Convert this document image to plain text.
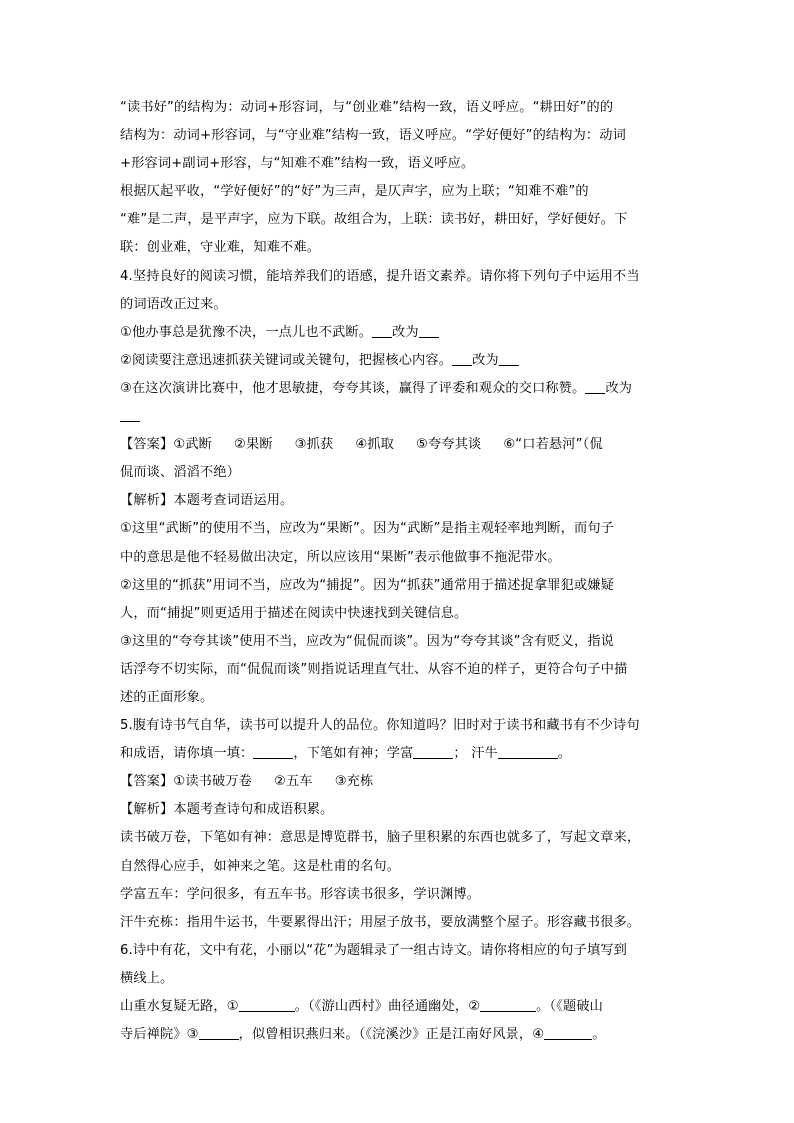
“读书好”的结构为：动词+形容词，与“创业难”结构一致，语义呼应。“耕田好”的的
结构为：动词+形容词，与“守业难”结构一致，语义呼应。“学好便好”的结构为：动词
+形容词+副词+形容，与“知难不难”结构一致，语义呼应。
根据仄起平收，“学好便好”的“好”为三声，是仄声字，应为上联；“知难不难”的
“难”是二声，是平声字，应为下联。故组合为，上联：读书好，耕田好，学好便好。下
联：创业难，守业难，知难不难。
4.坚持良好的阅读习惯，能培养我们的语感，提升语文素养。请你将下列句子中运用不当
的词语改正过来。
①他办事总是犹豫不决，一点儿也不武断。 改为
②阅读要注意迅速抓获关键词或关键句，把握核心内容。 改为
③在这次演讲比赛中，他才思敏捷，夸夸其谈，赢得了评委和观众的交口称赞。 改为
【答案】①武断 ②果断 ③抓获 ④抓取 ⑤夸夸其谈 ⑥“口若悬河”（侃
侃而谈、滔滔不绝）
【解析】本题考查词语运用。
①这里“武断”的使用不当，应改为“果断”。因为“武断”是指主观轻率地判断，而句子
中的意思是他不轻易做出决定，所以应该用“果断”表示他做事不拖泥带水。
②这里的“抓获”用词不当，应改为“捕捉”。因为“抓获”通常用于描述捉拿罪犯或嫌疑
人，而“捕捉”则更适用于描述在阅读中快速找到关键信息。
③这里的“夸夸其谈”使用不当，应改为“侃侃而谈”。因为“夸夸其谈”含有贬义，指说
话浮夸不切实际，而“侃侃而谈”则指说话理直气壮、从容不迫的样子，更符合句子中描
述的正面形象。
5.腹有诗书气自华，读书可以提升人的品位。你知道吗？旧时对于读书和藏书有不少诗句
和成语，请你填一填：	，下笔如有神；学富	； 汗牛	。
【答案】①读书破万卷 ②五车 ③充栋
【解析】本题考查诗句和成语积累。
读书破万卷，下笔如有神：意思是博览群书，脑子里积累的东西也就多了，写起文章来，
自然得心应手，如神来之笔。这是杜甫的名句。
学富五车：学问很多，有五车书。形容读书很多，学识渊博。
汗牛充栋：指用牛运书，牛要累得出汗；用屋子放书，要放满整个屋子。形容藏书很多。
6.诗中有花，文中有花，小丽以“花”为题辑录了一组古诗文。请你将相应的句子填写到
横线上。
山重水复疑无路，①	。（《游山西村》曲径通幽处，②	。（《题破山
寺后禅院》③	，似曾相识燕归来。（《浣溪沙》正是江南好风景，④	。
